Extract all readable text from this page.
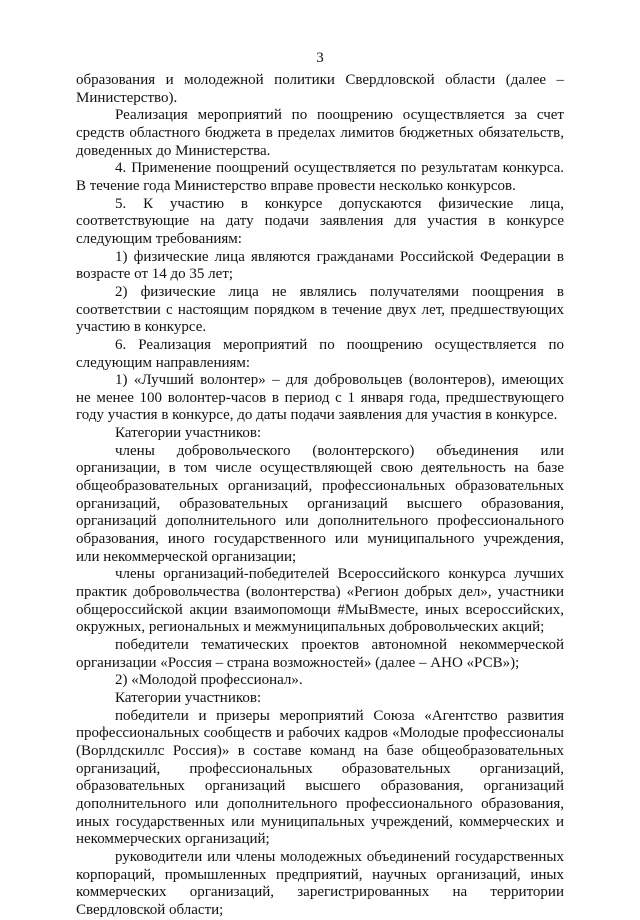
3

образования и молодежной политики Свердловской области (далее – Министерство).

Реализация мероприятий по поощрению осуществляется за счет средств областного бюджета в пределах лимитов бюджетных обязательств, доведенных до Министерства.

4. Применение поощрений осуществляется по результатам конкурса. В течение года Министерство вправе провести несколько конкурсов.

5. К участию в конкурсе допускаются физические лица, соответствующие на дату подачи заявления для участия в конкурсе следующим требованиям:

1) физические лица являются гражданами Российской Федерации в возрасте от 14 до 35 лет;

2) физические лица не являлись получателями поощрения в соответствии с настоящим порядком в течение двух лет, предшествующих участию в конкурсе.

6. Реализация мероприятий по поощрению осуществляется по следующим направлениям:

1) «Лучший волонтер» – для добровольцев (волонтеров), имеющих не менее 100 волонтер-часов в период с 1 января года, предшествующего году участия в конкурсе, до даты подачи заявления для участия в конкурсе.

Категории участников:

члены добровольческого (волонтерского) объединения или организации, в том числе осуществляющей свою деятельность на базе общеобразовательных организаций, профессиональных образовательных организаций, образовательных организаций высшего образования, организаций дополнительного или дополнительного профессионального образования, иного государственного или муниципального учреждения, или некоммерческой организации;

члены организаций-победителей Всероссийского конкурса лучших практик добровольчества (волонтерства) «Регион добрых дел», участники общероссийской акции взаимопомощи #МыВместе, иных всероссийских, окружных, региональных и межмуниципальных добровольческих акций;

победители тематических проектов автономной некоммерческой организации «Россия – страна возможностей» (далее – АНО «РСВ»);

2) «Молодой профессионал».

Категории участников:

победители и призеры мероприятий Союза «Агентство развития профессиональных сообществ и рабочих кадров «Молодые профессионалы (Ворлдскиллс Россия)» в составе команд на базе общеобразовательных организаций, профессиональных образовательных организаций, образовательных организаций высшего образования, организаций дополнительного или дополнительного профессионального образования, иных государственных или муниципальных учреждений, коммерческих и некоммерческих организаций;

руководители или члены молодежных объединений государственных корпораций, промышленных предприятий, научных организаций, иных коммерческих организаций, зарегистрированных на территории Свердловской области;
